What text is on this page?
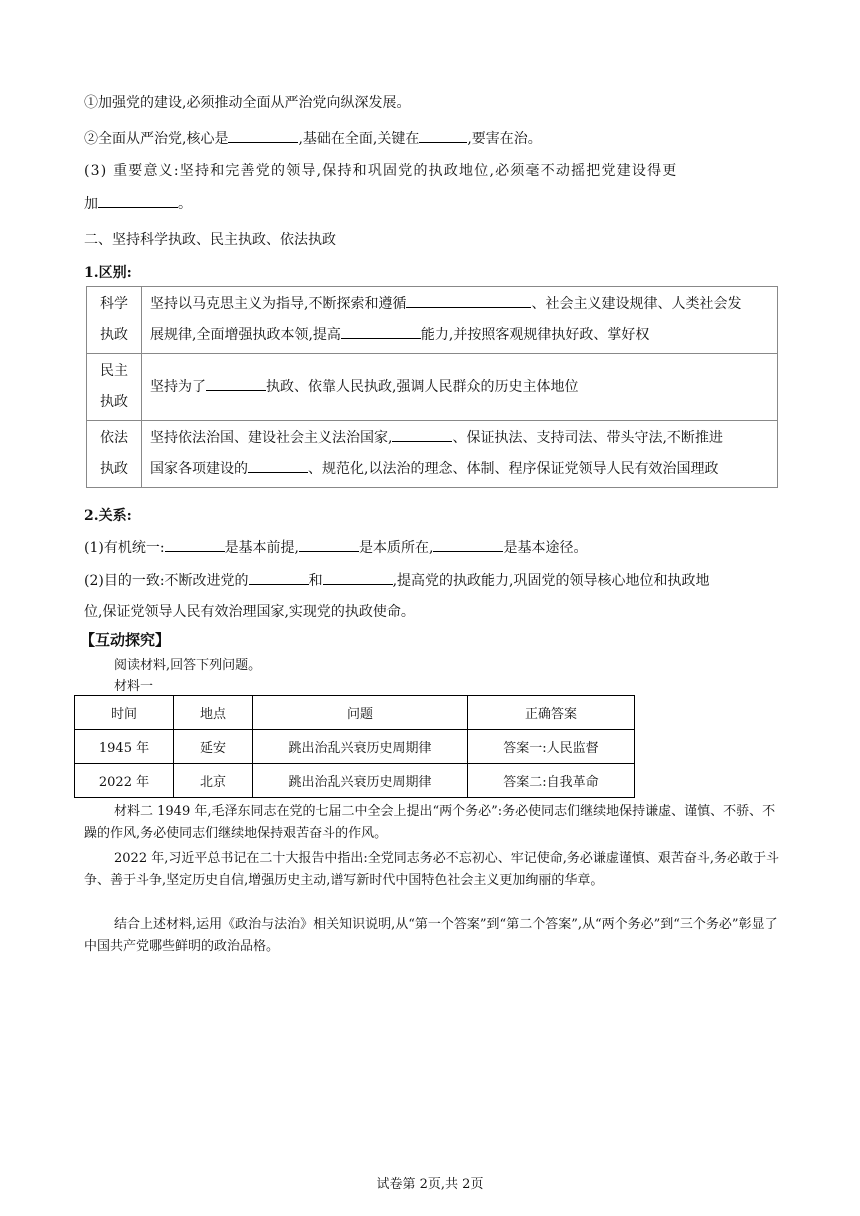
①加强党的建设,必须推动全面从严治党向纵深发展。
②全面从严治党,核心是	,基础在全面,关键在	,要害在治。
(3) 重要意义:坚持和完善党的领导,保持和巩固党的执政地位,必须毫不动摇把党建设得更
加	。
二、坚持科学执政、民主执政、依法执政
1.区别:
科学
执政	坚持以马克思主义为指导,不断探索和遵循 、社会主义建设规律、人类社会发
展规律,全面增强执政本领,提高 能力,并按照客观规律执好政、掌好权
民主
执政	坚持为了 执政、依靠人民执政,强调人民群众的历史主体地位
依法
执政	坚持依法治国、建设社会主义法治国家, 、保证执法、支持司法、带头守法,不断推进
国家各项建设的 、规范化,以法治的理念、体制、程序保证党领导人民有效治国理政
2.关系:
(1)有机统一:	是基本前提,	是本质所在,	是基本途径。
(2)目的一致:不断改进党的	和	,提高党的执政能力,巩固党的领导核心地位和执政地
位,保证党领导人民有效治理国家,实现党的执政使命。
【互动探究】
阅读材料,回答下列问题。
材料一
时间	地点	问题	正确答案
1945 年	延安	跳出治乱兴衰历史周期律	答案一:人民监督
2022 年	北京	跳出治乱兴衰历史周期律	答案二:自我革命
材料二 1949 年,毛泽东同志在党的七届二中全会上提出“两个务必”:务必使同志们继续地保持谦虚、谨慎、不骄、不躁的作风,务必使同志们继续地保持艰苦奋斗的作风。
2022 年,习近平总书记在二十大报告中指出:全党同志务必不忘初心、牢记使命,务必谦虚谨慎、艰苦奋斗,务必敢于斗争、善于斗争,坚定历史自信,增强历史主动,谱写新时代中国特色社会主义更加绚丽的华章。
结合上述材料,运用《政治与法治》相关知识说明,从“第一个答案”到“第二个答案”,从“两个务必”到“三个务必”彰显了中国共产党哪些鲜明的政治品格。
试卷第 2页,共 2页
